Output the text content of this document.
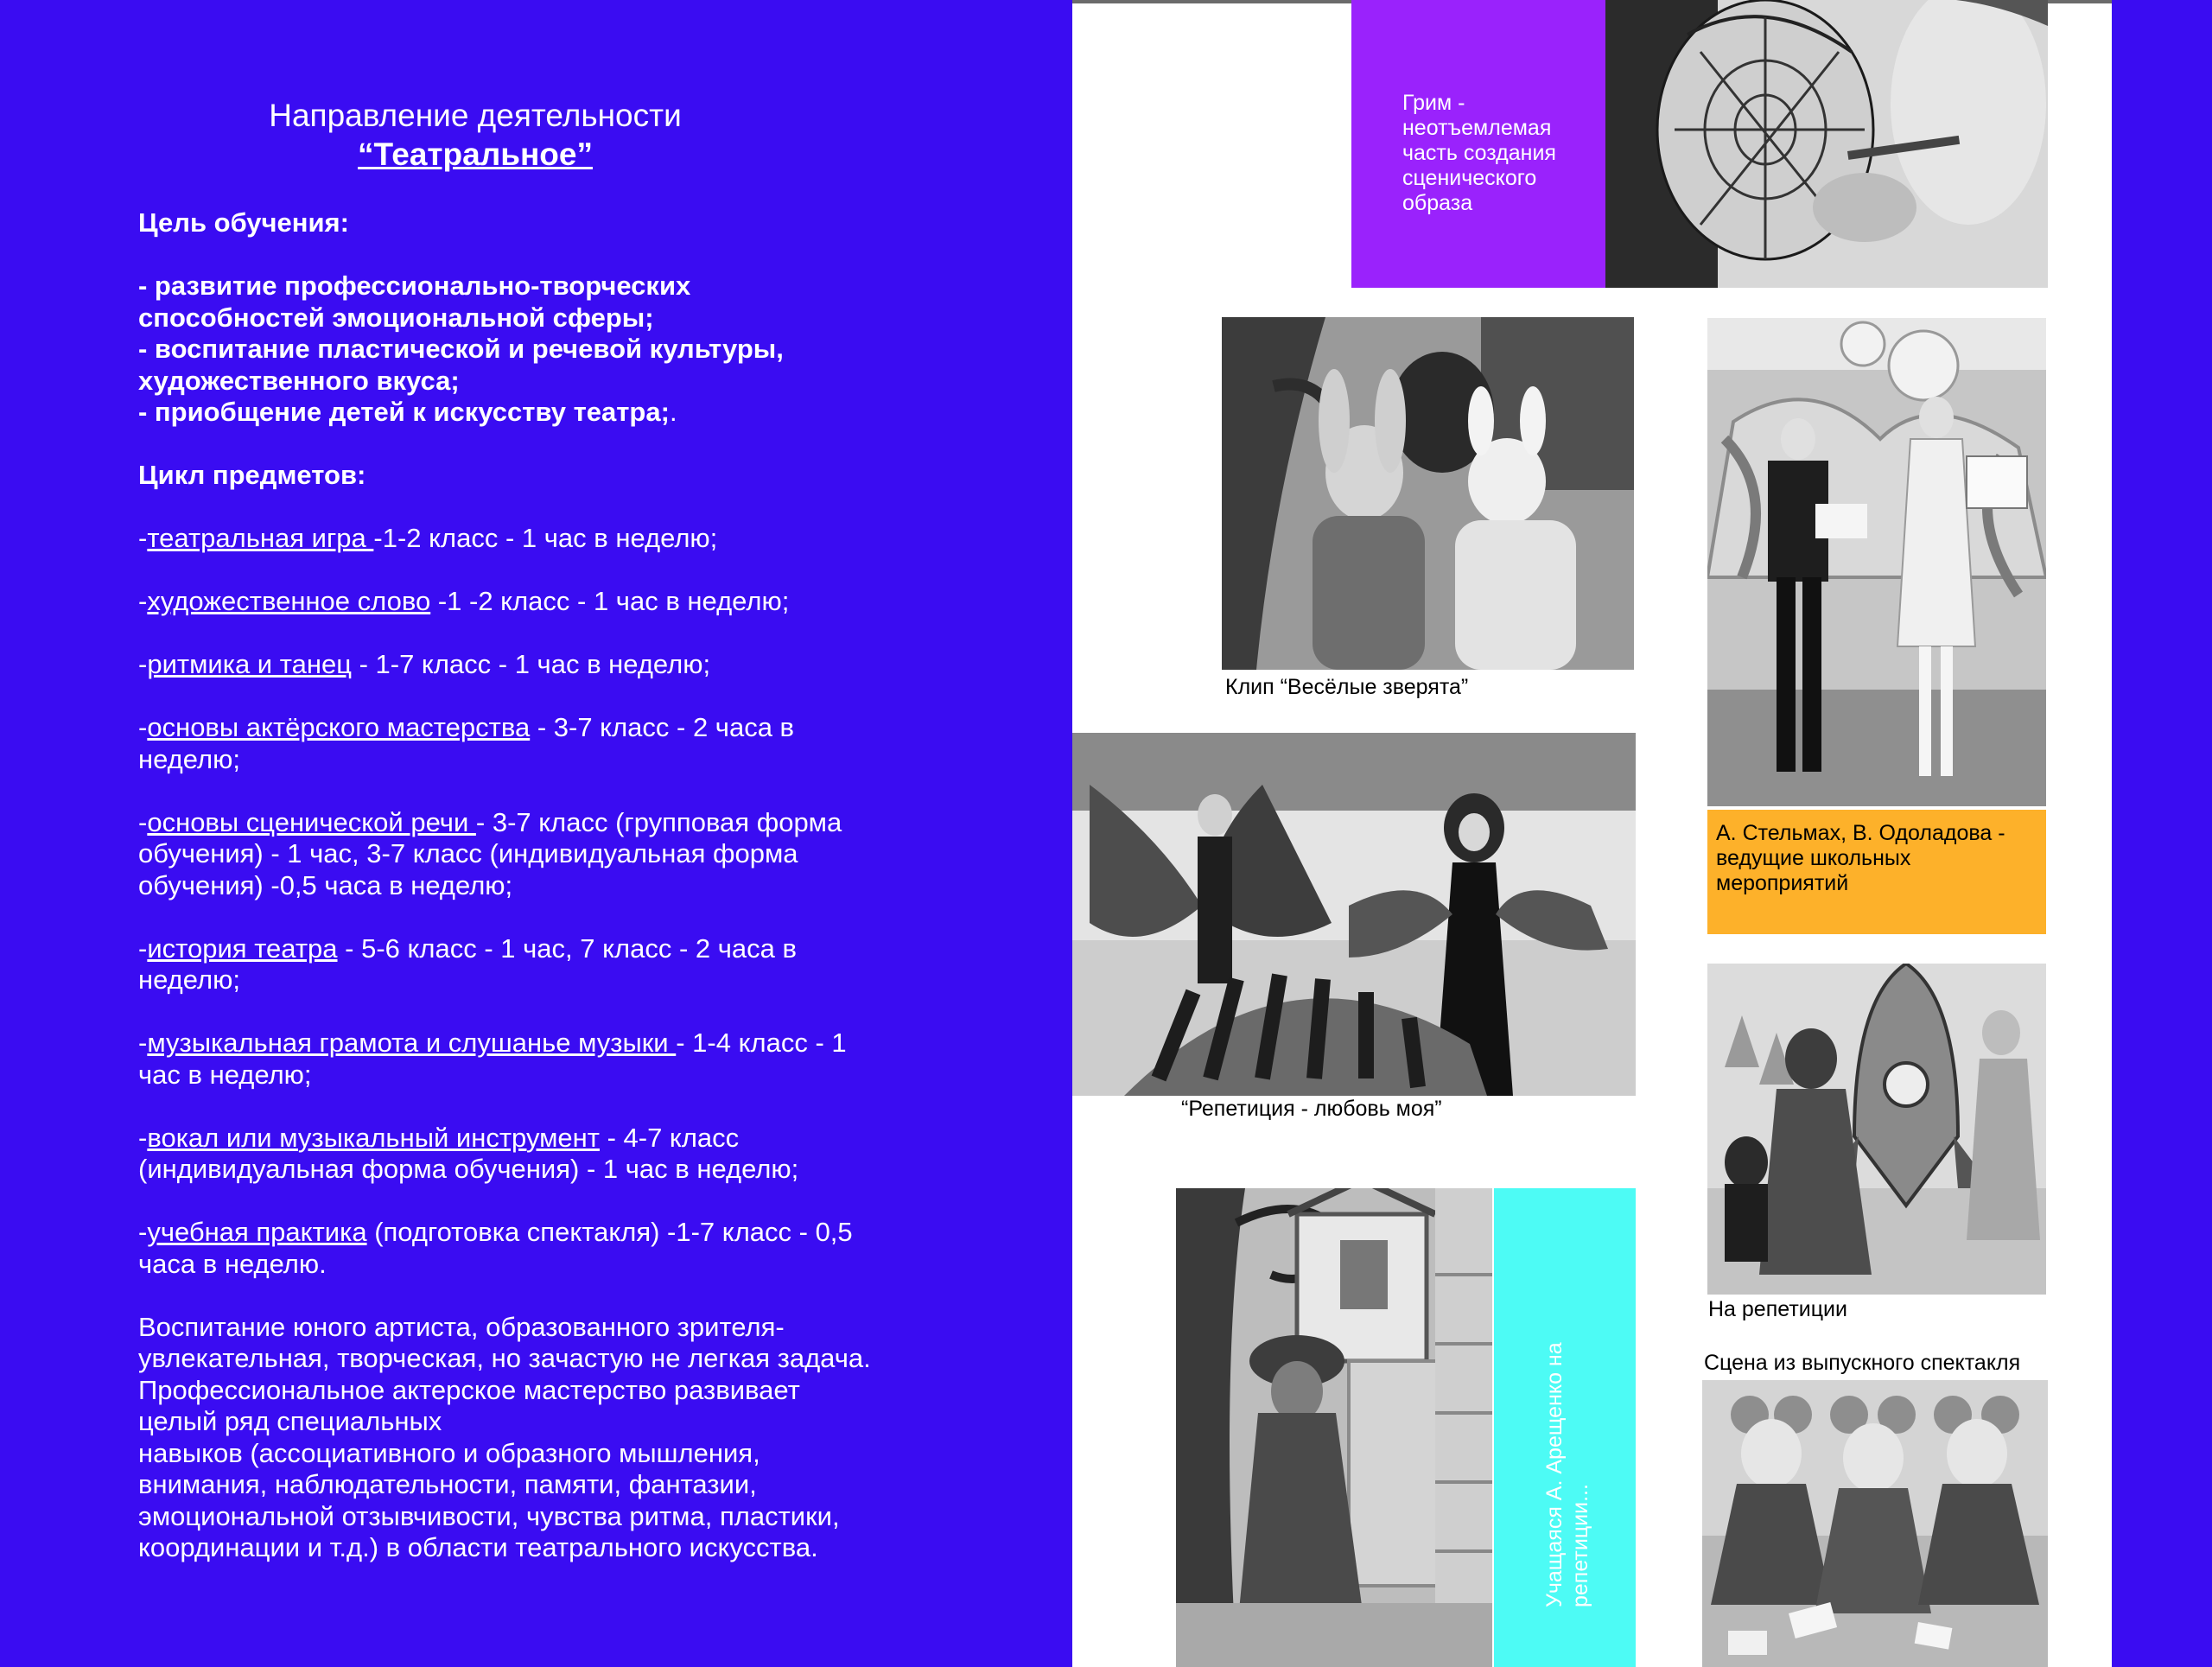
Направление деятельности
“Театральное”

Цель обучения:

- развитие профессионально-творческих способностей эмоциональной сферы;
- воспитание пластической и речевой культуры, художественного вкуса;
- приобщение детей к искусству театра;.

Цикл предметов:

-театральная игра -1-2 класс - 1 час в неделю;

-художественное слово -1 -2 класс - 1 час в неделю;

-ритмика и танец - 1-7 класс - 1 час в неделю;

-основы актёрского мастерства - 3-7 класс - 2 часа в неделю;

-основы сценической речи - 3-7 класс (групповая форма обучения) - 1 час, 3-7 класс (индивидуальная форма обучения) -0,5 часа в неделю;

-история театра - 5-6 класс - 1 час, 7 класс - 2 часа в неделю;

-музыкальная грамота и слушанье музыки - 1-4 класс - 1 час в неделю;

-вокал или музыкальный инструмент - 4-7 класс (индивидуальная форма обучения) - 1 час в неделю;

-учебная практика (подготовка спектакля) -1-7 класс - 0,5 часа в неделю.

Воспитание юного артиста, образованного зрителя- увлекательная, творческая, но зачастую не легкая задача. Профессиональное актерское мастерство развивает целый ряд специальных
навыков (ассоциативного и образного мышления, внимания, наблюдательности, памяти, фантазии, эмоциональной отзывчивости, чувства ритма, пластики, координации и т.д.) в области театрального искусства.

Грим - неотъемлемая часть создания сценического образа
Клип “Весёлые зверята”
А. Стельмах, В. Одоладова - ведущие школьных мероприятий
“Репетиция - любовь моя”
На репетиции
Сцена из выпускного спектакля
Учащаяся А. Арещенко на репетиции...
